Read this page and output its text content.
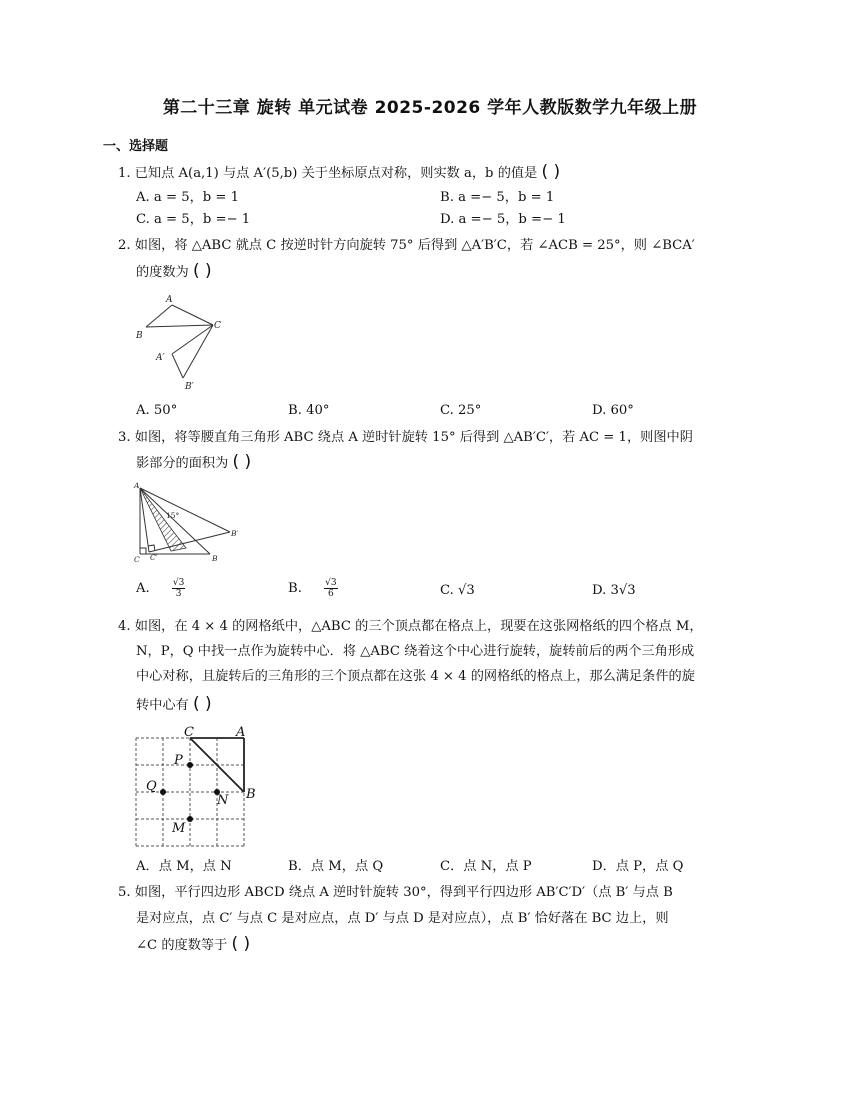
第二十三章 旋转 单元试卷 2025-2026 学年人教版数学九年级上册
一、选择题
1. 已知点 A(a,1) 与点 A′(5,b) 关于坐标原点对称，则实数 a，b 的值是 ( )
A. a = 5，b = 1	B. a =− 5，b = 1
C. a = 5，b =− 1	D. a =− 5，b =− 1
2. 如图，将 △ABC 就点 C 按逆时针方向旋转 75° 后得到 △A′B′C，若 ∠ACB = 25°，则 ∠BCA′
的度数为 ( )
A
B
C
A′
B′
A. 50°	B. 40°	C. 25°	D. 60°
3. 如图，将等腰直角三角形 ABC 绕点 A 逆时针旋转 15° 后得到 △AB′C′，若 AC = 1，则图中阴
影部分的面积为 ( )
A
C	B
B′
C′
15°
A. $\frac{√3}{3}$	B. $\frac{√3}{6}$	C. √3	D. 3√3
4. 如图，在 4 × 4 的网格纸中，△ABC 的三个顶点都在格点上，现要在这张网格纸的四个格点 M，
N，P，Q 中找一点作为旋转中心．将 △ABC 绕着这个中心进行旋转，旋转前后的两个三角形成
中心对称，且旋转后的三角形的三个顶点都在这张 4 × 4 的网格纸的格点上，那么满足条件的旋
转中心有 ( )
C	A
B
P
Q
N
M
A．点 M，点 N	B．点 M，点 Q	C．点 N，点 P	D．点 P，点 Q
5. 如图，平行四边形 ABCD 绕点 A 逆时针旋转 30°，得到平行四边形 AB′C′D′（点 B′ 与点 B
是对应点，点 C′ 与点 C 是对应点，点 D′ 与点 D 是对应点），点 B′ 恰好落在 BC 边上，则
∠C 的度数等于 ( )
